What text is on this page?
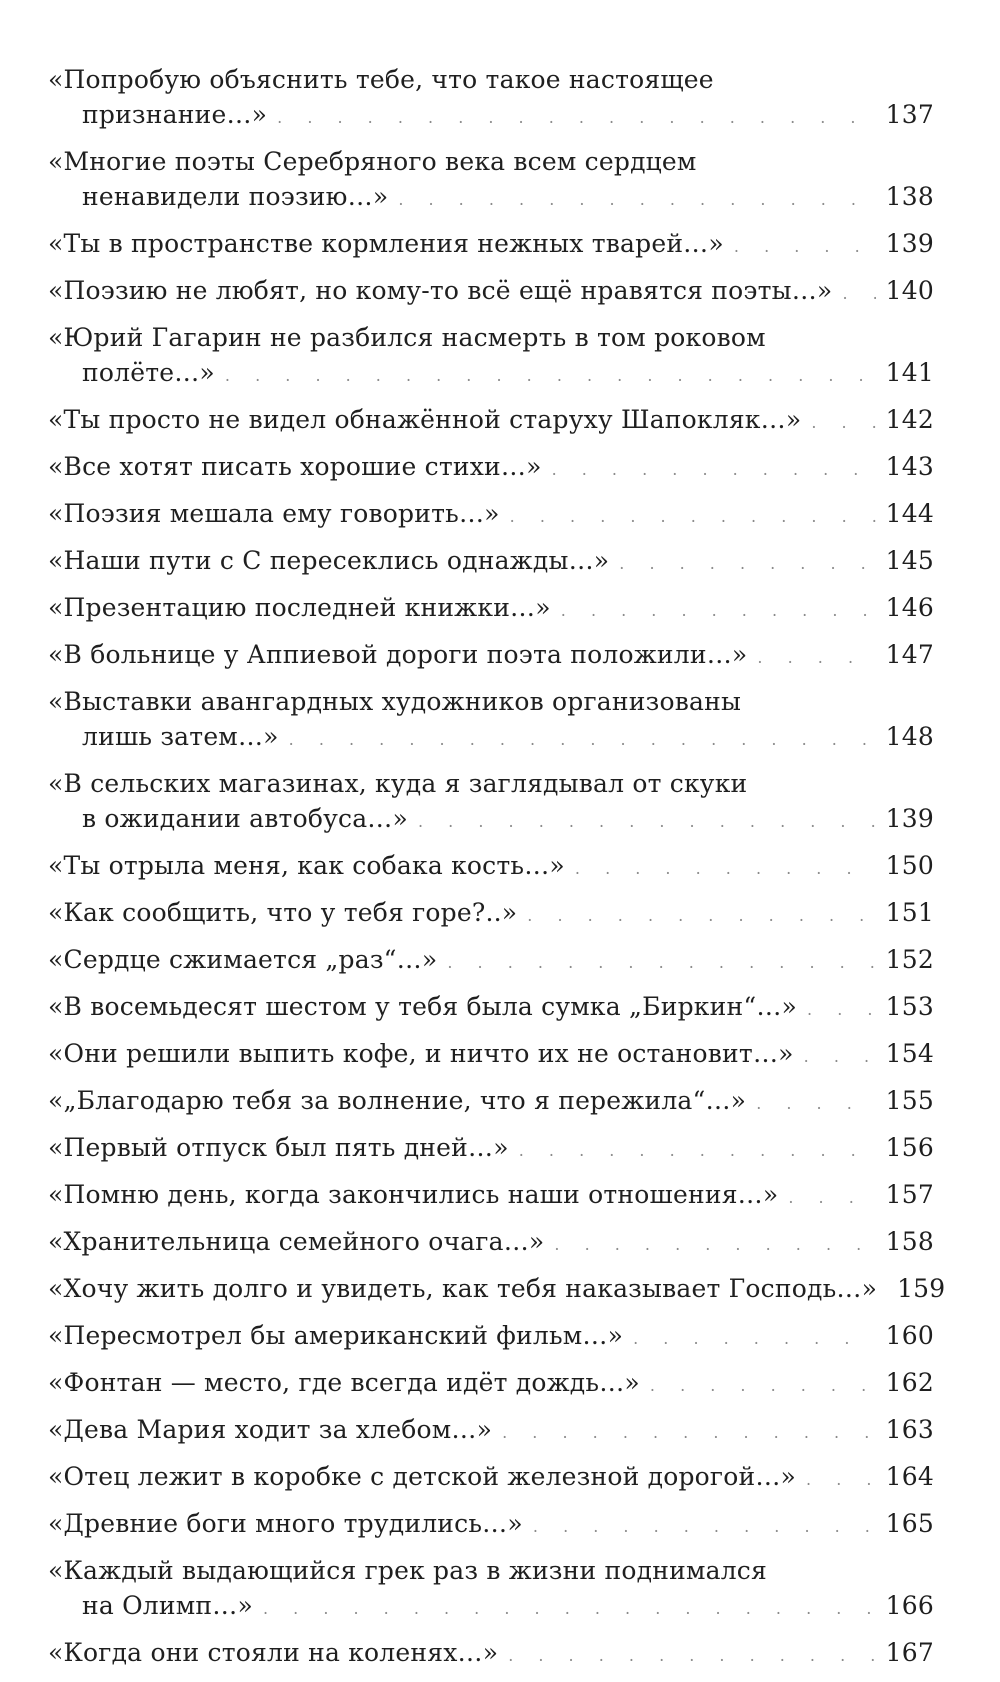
«Попробую объяснить тебе, что такое настоящее
признание…» . . .	137
«Многие поэты Серебряного века всем сердцем
ненавидели поэзию…» . . .	138
«Ты в пространстве кормления нежных тварей…» . . .	139
«Поэзию не любят, но кому-то всё ещё нравятся поэты…» . . . 140
«Юрий Гагарин не разбился насмерть в том роковом
полёте…» . . .	141
«Ты просто не видел обнажённой старуху Шапокляк…» . . .	142
«Все хотят писать хорошие стихи…» . . .	143
«Поэзия мешала ему говорить…» . . .	144
«Наши пути с С пересеклись однажды…» . . .	145
«Презентацию последней книжки…» . . .	146
«В больнице у Аппиевой дороги поэта положили…» . . .	147
«Выставки авангардных художников организованы
лишь затем…» . . .	148
«В сельских магазинах, куда я заглядывал от скуки
в ожидании автобуса…» . . .	139
«Ты отрыла меня, как собака кость…» . . .	150
«Как сообщить, что у тебя горе?..» . . .	151
«Сердце сжимается „раз“…» . . .	152
«В восемьдесят шестом у тебя была сумка „Биркин“…» . . .	153
«Они решили выпить кофе, и ничто их не остановит…» . . .	154
«„Благодарю тебя за волнение, что я пережила“…» . . .	155
«Первый отпуск был пять дней…» . . .	156
«Помню день, когда закончились наши отношения…» . . .	157
«Хранительница семейного очага…» . . .	158
«Хочу жить долго и увидеть, как тебя наказывает Господь…» 159
«Пересмотрел бы американский фильм…» . . .	160
«Фонтан — место, где всегда идёт дождь…» . . .	162
«Дева Мария ходит за хлебом…» . . .	163
«Отец лежит в коробке с детской железной дорогой…» . . .	164
«Древние боги много трудились…» . . .	165
«Каждый выдающийся грек раз в жизни поднимался
на Олимп…» . . .	166
«Когда они стояли на коленях…» . . .	167
